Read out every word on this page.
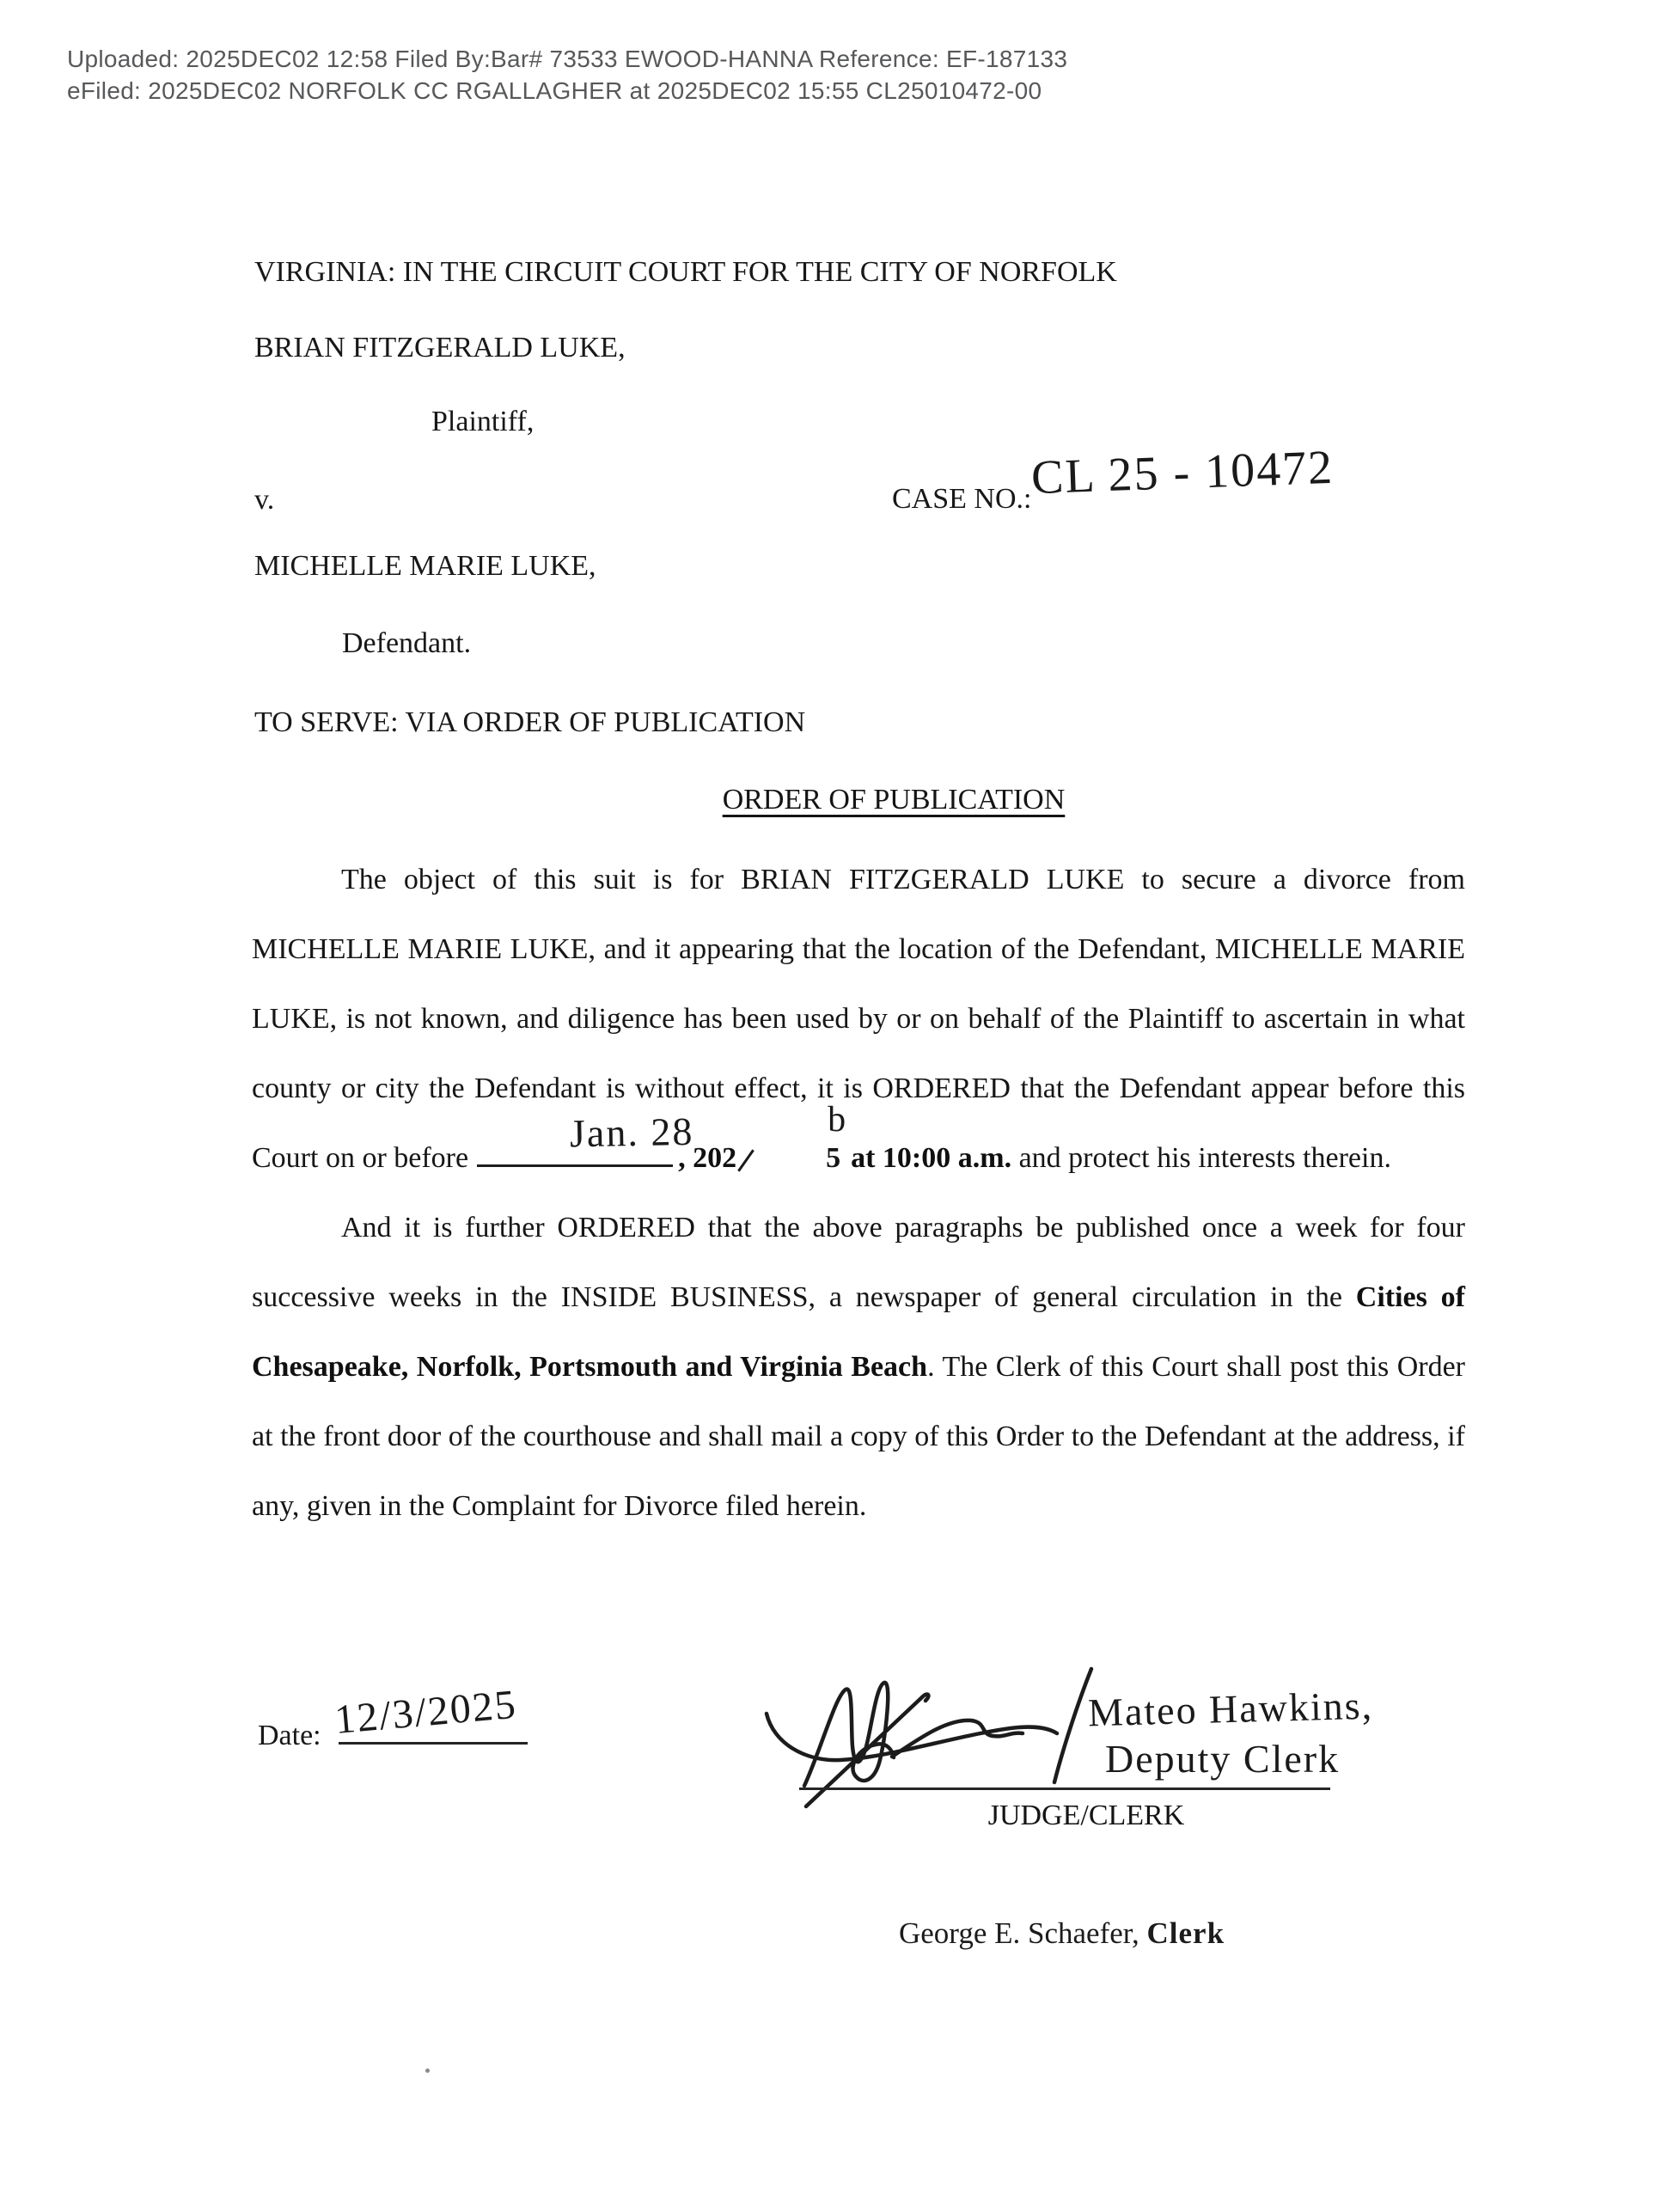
Uploaded: 2025DEC02 12:58 Filed By:Bar# 73533 EWOOD-HANNA Reference: EF-187133
eFiled: 2025DEC02 NORFOLK CC RGALLAGHER at 2025DEC02 15:55 CL25010472-00
VIRGINIA: IN THE CIRCUIT COURT FOR THE CITY OF NORFOLK
BRIAN FITZGERALD LUKE,
Plaintiff,
v.	CASE NO.:
CL 25 - 10472
MICHELLE MARIE LUKE,
Defendant.
TO SERVE: VIA ORDER OF PUBLICATION
ORDER OF PUBLICATION

The object of this suit is for BRIAN FITZGERALD LUKE to secure a divorce from MICHELLE MARIE LUKE, and it appearing that the location of the Defendant, MICHELLE MARIE LUKE, is not known, and diligence has been used by or on behalf of the Plaintiff to ascertain in what county or city the Defendant is without effect, it is ORDERED that the Defendant appear before this Court on or before
Jan. 28
, 202	5
b
at 10:00 a.m. and protect his interests therein.

And it is further ORDERED that the above paragraphs be published once a week for four successive weeks in the INSIDE BUSINESS, a newspaper of general circulation in the Cities of Chesapeake, Norfolk, Portsmouth and Virginia Beach. The Clerk of this Court shall post this Order at the front door of the courthouse and shall mail a copy of this Order to the Defendant at the address, if any, given in the Complaint for Divorce filed herein.

Date: 12/3/2025	Mateo Hawkins,
Deputy Clerk
JUDGE/CLERK
George E. Schaefer, Clerk
